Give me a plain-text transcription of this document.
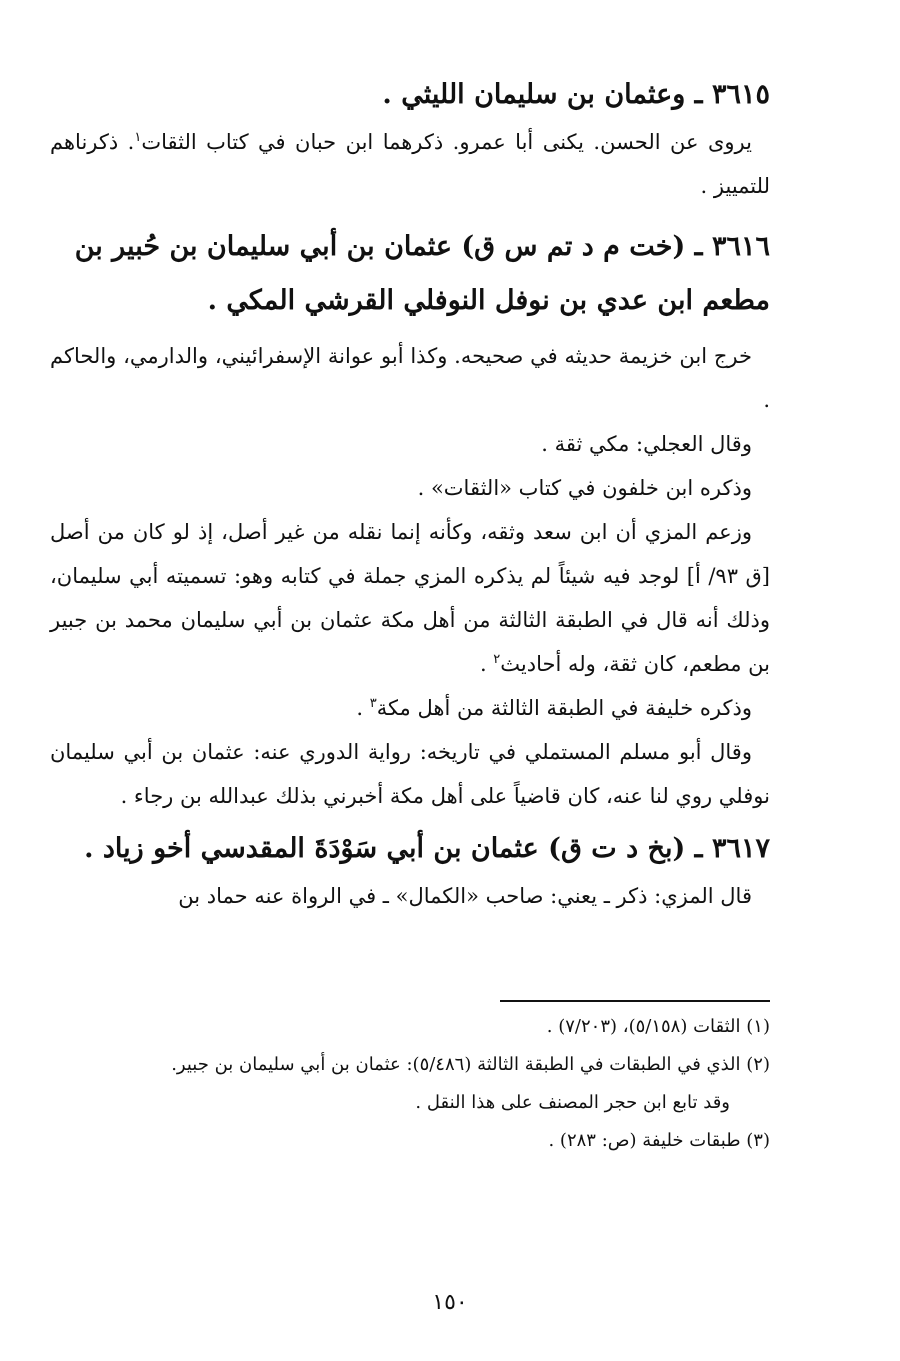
٣٦١٥ ـ وعثمان بن سليمان الليثي .

يروى عن الحسن. يكنى أبا عمرو. ذكرهما ابن حبان في كتاب الثقات$^١$. ذكرناهم للتمييز .

٣٦١٦ ـ (خت م د تم س ق) عثمان بن أبي سليمان بن حُبير بن مطعم ابن عدي بن نوفل النوفلي القرشي المكي .

خرج ابن خزيمة حديثه في صحيحه. وكذا أبو عوانة الإسفرائيني، والدارمي، والحاكم .

وقال العجلي: مكي ثقة .

وذكره ابن خلفون في كتاب «الثقات» .

وزعم المزي أن ابن سعد وثقه، وكأنه إنما نقله من غير أصل، إذ لو كان من أصل [ق ٩٣/ أ] لوجد فيه شيئاً لم يذكره المزي جملة في كتابه وهو: تسميته أبي سليمان، وذلك أنه قال في الطبقة الثالثة من أهل مكة عثمان بن أبي سليمان محمد بن جبير بن مطعم، كان ثقة، وله أحاديث$^٢$ .

وذكره خليفة في الطبقة الثالثة من أهل مكة$^٣$ .

وقال أبو مسلم المستملي في تاريخه: رواية الدوري عنه: عثمان بن أبي سليمان نوفلي روي لنا عنه، كان قاضياً على أهل مكة أخبرني بذلك عبدالله بن رجاء .

٣٦١٧ ـ (بخ د ت ق) عثمان بن أبي سَوْدَةَ المقدسي أخو زياد .

قال المزي: ذكر ـ يعني: صاحب «الكمال» ـ في الرواة عنه حماد بن

(١) الثقات (٥/١٥٨)، (٧/٢٠٣) .

(٢) الذي في الطبقات في الطبقة الثالثة (٥/٤٨٦): عثمان بن أبي سليمان بن جبير.

وقد تابع ابن حجر المصنف على هذا النقل .

(٣) طبقات خليفة (ص: ٢٨٣) .

١٥٠
